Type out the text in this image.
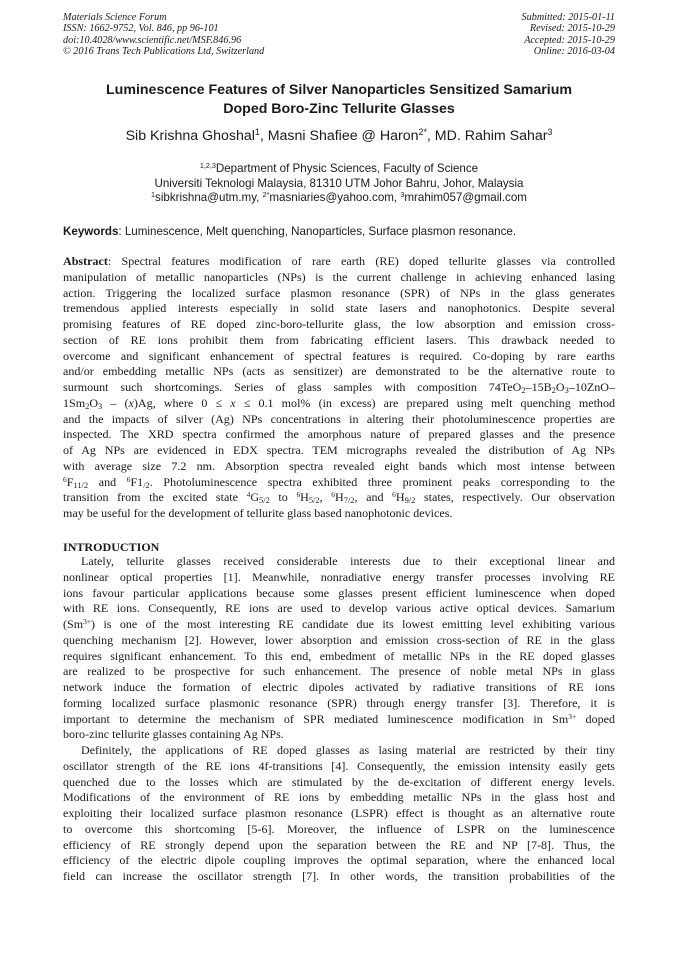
Materials Science Forum
ISSN: 1662-9752, Vol. 846, pp 96-101
doi:10.4028/www.scientific.net/MSF.846.96
© 2016 Trans Tech Publications Ltd, Switzerland
Submitted: 2015-01-11
Revised: 2015-10-29
Accepted: 2015-10-29
Online: 2016-03-04
Luminescence Features of Silver Nanoparticles Sensitized Samarium
Doped Boro-Zinc Tellurite Glasses
Sib Krishna Ghoshal$^1$, Masni Shafiee @ Haron$^{2*}$, MD. Rahim Sahar$^3$
$^{1,2,3}$Department of Physic Sciences, Faculty of Science
Universiti Teknologi Malaysia, 81310 UTM Johor Bahru, Johor, Malaysia
$^1$sibkrishna@utm.my, $^{2*}$masniaries@yahoo.com, $^3$mrahim057@gmail.com
Keywords: Luminescence, Melt quenching, Nanoparticles, Surface plasmon resonance.
Abstract: Spectral features modification of rare earth (RE) doped tellurite glasses via controlled
manipulation of metallic nanoparticles (NPs) is the current challenge in achieving enhanced lasing
action. Triggering the localized surface plasmon resonance (SPR) of NPs in the glass generates
tremendous applied interests especially in solid state lasers and nanophotonics. Despite several
promising features of RE doped zinc-boro-tellurite glass, the low absorption and emission cross-
section of RE ions prohibit them from fabricating efficient lasers. This drawback needed to
overcome and significant enhancement of spectral features is required. Co-doping by rare earths
and/or embedding metallic NPs (acts as sensitizer) are demonstrated to be the alternative route to
surmount such shortcomings. Series of glass samples with composition $74TeO_2-15B_2O_3-10ZnO-$
$1Sm_2O_3 - (x)Ag$, where 0 ≤ x ≤ 0.1 mol% (in excess) are prepared using melt quenching method
and the impacts of silver (Ag) NPs concentrations in altering their photoluminescence properties are
inspected. The XRD spectra confirmed the amorphous nature of prepared glasses and the presence
of Ag NPs are evidenced in EDX spectra. TEM micrographs revealed the distribution of Ag NPs
with average size 7.2 nm. Absorption spectra revealed eight bands which most intense between
$^6F_{11/2}$ and $^6F1_{/2}$. Photoluminescence spectra exhibited three prominent peaks corresponding to the
transition from the excited state $^4G_{5/2}$ to $^6H_{5/2}$, $^6H_{7/2}$, and $^6H_{9/2}$ states, respectively. Our observation
may be useful for the development of tellurite glass based nanophotonic devices.
INTRODUCTION
Lately, tellurite glasses received considerable interests due to their exceptional linear and
nonlinear optical properties [1]. Meanwhile, nonradiative energy transfer processes involving RE
ions favour particular applications because some glasses present efficient luminescence when doped
with RE ions. Consequently, RE ions are used to develop various active optical devices. Samarium
$(Sm^{3+})$ is one of the most interesting RE candidate due its lowest emitting level exhibiting various
quenching mechanism [2]. However, lower absorption and emission cross-section of RE in the glass
requires significant enhancement. To this end, embedment of metallic NPs in the RE doped glasses
are realized to be prospective for such enhancement. The presence of noble metal NPs in glass
network induce the formation of electric dipoles activated by radiative transitions of RE ions
forming localized surface plasmonic resonance (SPR) through energy transfer [3]. Therefore, it is
important to determine the mechanism of SPR mediated luminescence modification in $Sm^{3+}$ doped
boro-zinc tellurite glasses containing Ag NPs.
Definitely, the applications of RE doped glasses as lasing material are restricted by their tiny
oscillator strength of the RE ions 4f-transitions [4]. Consequently, the emission intensity easily gets
quenched due to the losses which are stimulated by the de-excitation of different energy levels.
Modifications of the environment of RE ions by embedding metallic NPs in the glass host and
exploiting their localized surface plasmon resonance (LSPR) effect is thought as an alternative route
to overcome this shortcoming [5-6]. Moreover, the influence of LSPR on the luminescence
efficiency of RE strongly depend upon the separation between the RE and NP [7-8]. Thus, the
efficiency of the electric dipole coupling improves the optimal separation, where the enhanced local
field can increase the oscillator strength [7]. In other words, the transition probabilities of the
